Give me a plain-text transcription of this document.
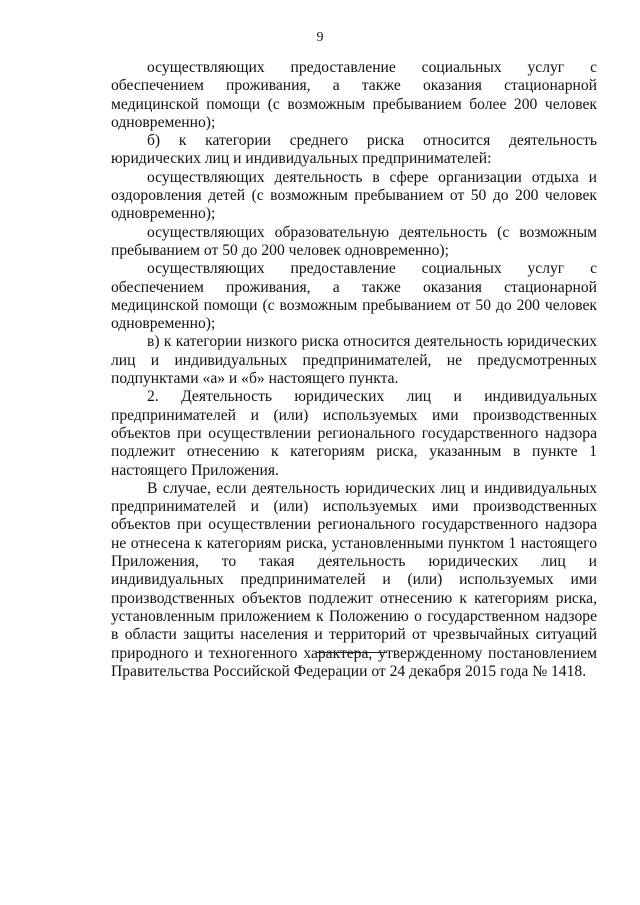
9

осуществляющих предоставление социальных услуг с обеспечением проживания, а также оказания стационарной медицинской помощи (с возможным пребыванием более 200 человек одновременно);

б) к категории среднего риска относится деятельность юридических лиц и индивидуальных предпринимателей:

осуществляющих деятельность в сфере организации отдыха и оздоровления детей (с возможным пребыванием от 50 до 200 человек одновременно);

осуществляющих образовательную деятельность (с возможным пребыванием от 50 до 200 человек одновременно);

осуществляющих предоставление социальных услуг с обеспечением проживания, а также оказания стационарной медицинской помощи (с возможным пребыванием от 50 до 200 человек одновременно);

в) к категории низкого риска относится деятельность юридических лиц и индивидуальных предпринимателей, не предусмотренных подпунктами «а» и «б» настоящего пункта.

2. Деятельность юридических лиц и индивидуальных предпринимателей и (или) используемых ими производственных объектов при осуществлении регионального государственного надзора подлежит отнесению к категориям риска, указанным в пункте 1 настоящего Приложения.

В случае, если деятельность юридических лиц и индивидуальных предпринимателей и (или) используемых ими производственных объектов при осуществлении регионального государственного надзора не отнесена к категориям риска, установленными пунктом 1 настоящего Приложения, то такая деятельность юридических лиц и индивидуальных предпринимателей и (или) используемых ими производственных объектов подлежит отнесению к категориям риска, установленным приложением к Положению о государственном надзоре в области защиты населения и территорий от чрезвычайных ситуаций природного и техногенного характера, утвержденному постановлением Правительства Российской Федерации от 24 декабря 2015 года № 1418.
